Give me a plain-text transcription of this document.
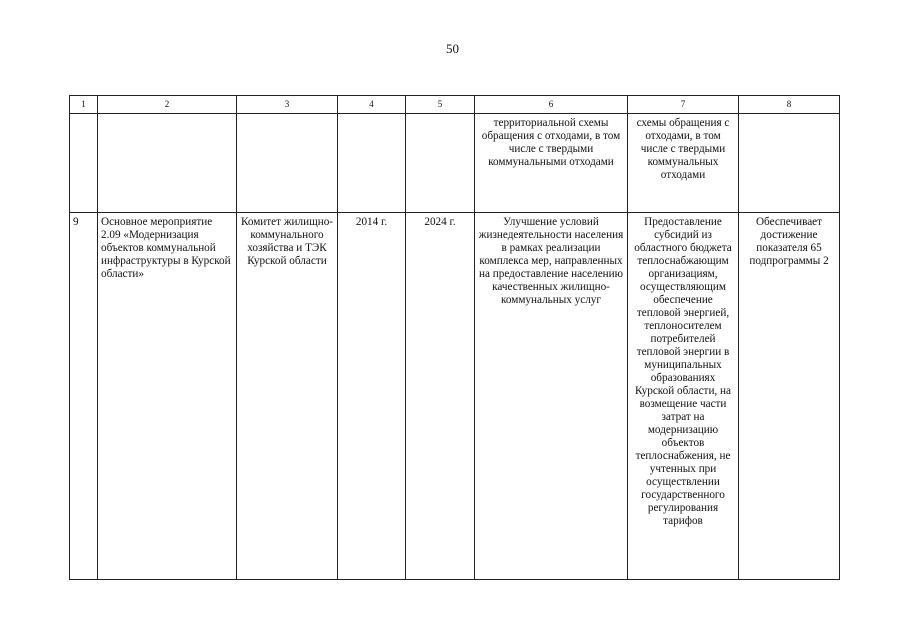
50
1	2	3	4	5	6	7	8
					территориальной схемы обращения с отходами, в том числе с твердыми коммунальными отходами	схемы обращения с отходами, в том числе с твердыми коммунальных отходами	
9	Основное мероприятие 2.09 «Модернизация объектов коммунальной инфраструктуры в Курской области»	Комитет жилищно-коммунального хозяйства и ТЭК Курской области	2014 г.	2024 г.	Улучшение условий жизнедеятельности населения в рамках реализации комплекса мер, направленных на предоставление населению качественных жилищно-коммунальных услуг	Предоставление субсидий из областного бюджета теплоснабжающим организациям, осуществляющим обеспечение тепловой энергией, теплоносителем потребителей тепловой энергии в муниципальных образованиях Курской области, на возмещение части затрат на модернизацию объектов теплоснабжения, не учтенных при осуществлении государственного регулирования тарифов	Обеспечивает достижение показателя 65 подпрограммы 2
